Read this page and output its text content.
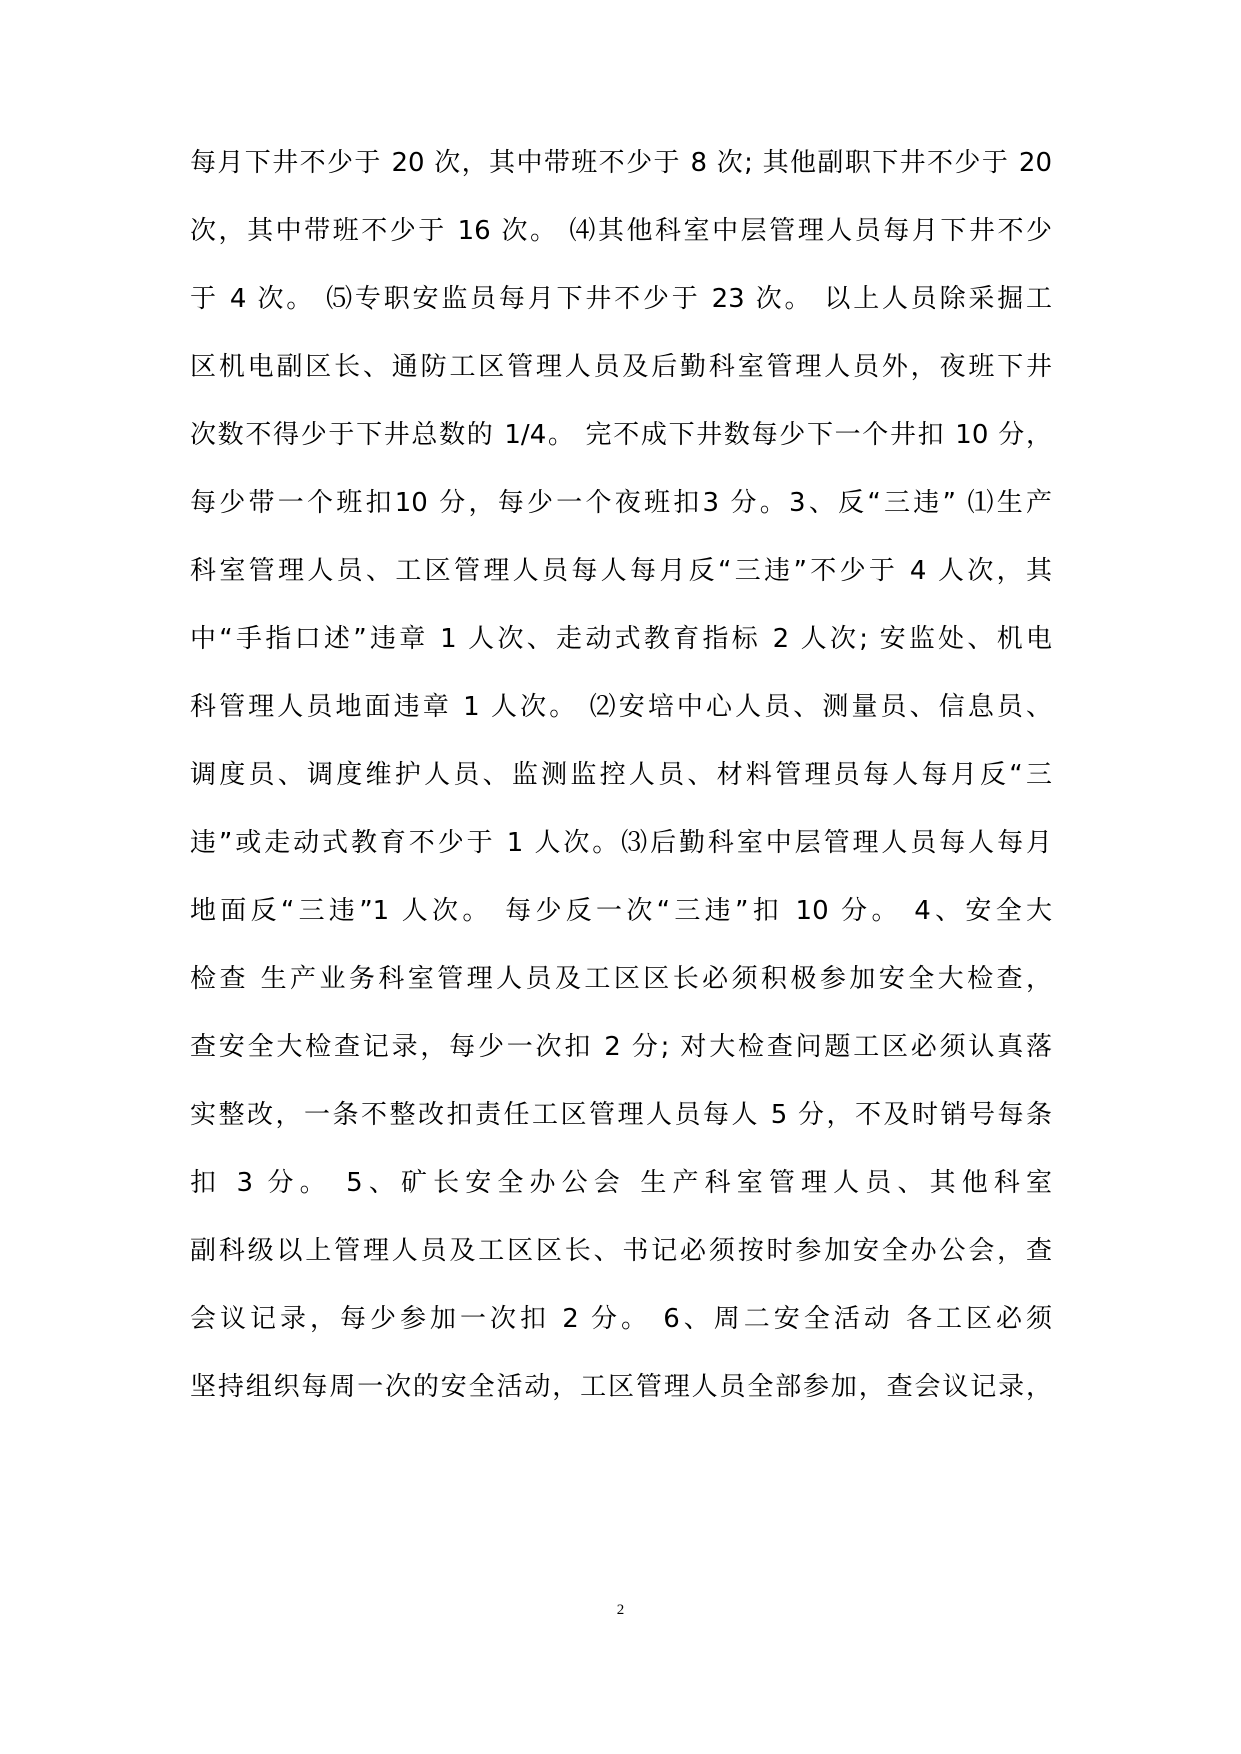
每月下井不少于 20 次，其中带班不少于 8 次; 其他副职下井不少于 20
次，其中带班不少于 16 次。 ⑷其他科室中层管理人员每月下井不少
于 4 次。 ⑸专职安监员每月下井不少于 23 次。 以上人员除采掘工
区机电副区长、通防工区管理人员及后勤科室管理人员外，夜班下井
次数不得少于下井总数的 1/4。 完不成下井数每少下一个井扣 10 分，
每少带一个班扣10 分，每少一个夜班扣3 分。3、反“三违” ⑴生产
科室管理人员、工区管理人员每人每月反“三违”不少于 4 人次，其
中“手指口述”违章 1 人次、走动式教育指标 2 人次; 安监处、机电
科管理人员地面违章 1 人次。 ⑵安培中心人员、测量员、信息员、
调度员、调度维护人员、监测监控人员、材料管理员每人每月反“三
违”或走动式教育不少于 1 人次。⑶后勤科室中层管理人员每人每月
地面反“三违”1 人次。 每少反一次“三违”扣 10 分。 4、安全大
检查 生产业务科室管理人员及工区区长必须积极参加安全大检查，
查安全大检查记录，每少一次扣 2 分; 对大检查问题工区必须认真落
实整改，一条不整改扣责任工区管理人员每人 5 分，不及时销号每条
扣 3 分。 5、矿长安全办公会 生产科室管理人员、其他科室
副科级以上管理人员及工区区长、书记必须按时参加安全办公会，查
会议记录，每少参加一次扣 2 分。 6、周二安全活动 各工区必须
坚持组织每周一次的安全活动，工区管理人员全部参加，查会议记录，
2
